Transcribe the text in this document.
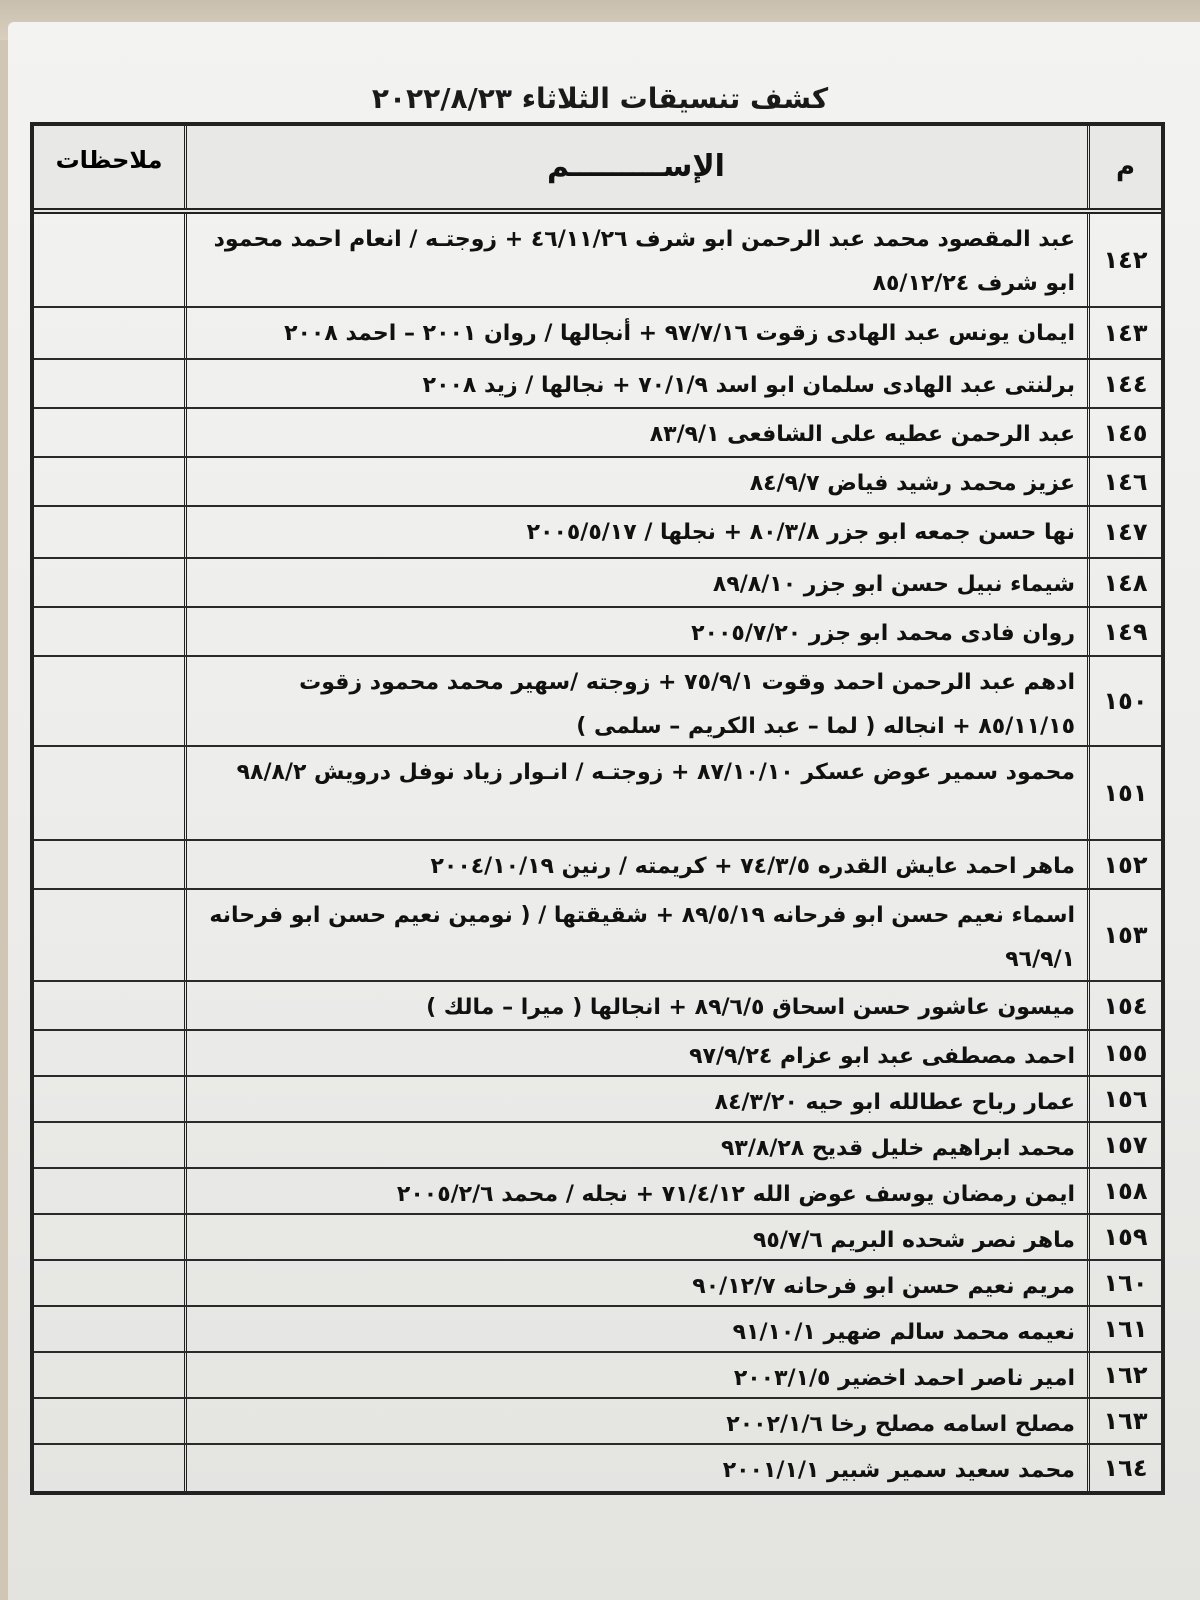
كشف تنسيقات الثلاثاء ٢٠٢٢/٨/٢٣
م
الإســـــــــم
ملاحظات
١٤٢
عبد المقصود محمد عبد الرحمن ابو شرف ٤٦/١١/٢٦ + زوجتـه / انعام احمد محمود ابو شرف ٨٥/١٢/٢٤
١٤٣
ايمان يونس عبد الهادى زقوت ٩٧/٧/١٦ + أنجالها / روان ٢٠٠١ – احمد ٢٠٠٨
١٤٤
برلنتى عبد الهادى سلمان ابو اسد ٧٠/١/٩ + نجالها / زيد ٢٠٠٨
١٤٥
عبد الرحمن عطيه على الشافعى ٨٣/٩/١
١٤٦
عزيز محمد رشيد فياض ٨٤/٩/٧
١٤٧
نها حسن جمعه ابو جزر ٨٠/٣/٨ + نجلها / ٢٠٠٥/٥/١٧
١٤٨
شيماء نبيل حسن ابو جزر ٨٩/٨/١٠
١٤٩
روان فادى محمد ابو جزر ٢٠٠٥/٧/٢٠
١٥٠
ادهم عبد الرحمن احمد وقوت ٧٥/٩/١ + زوجته /سهير محمد محمود زقوت ٨٥/١١/١٥ + انجاله ( لما – عبد الكريم – سلمى )
١٥١
محمود سمير عوض عسكر ٨٧/١٠/١٠ + زوجتـه / انـوار زياد نوفل درويش ٩٨/٨/٢
١٥٢
ماهر احمد عايش القدره ٧٤/٣/٥ + كريمته / رنين ٢٠٠٤/١٠/١٩
١٥٣
اسماء نعيم حسن ابو فرحانه ٨٩/٥/١٩ + شقيقتها / ( نومين نعيم حسن ابو فرحانه ٩٦/٩/١
١٥٤
ميسون عاشور حسن اسحاق ٨٩/٦/٥ + انجالها ( ميرا – مالك )
١٥٥
احمد مصطفى عبد ابو عزام ٩٧/٩/٢٤
١٥٦
عمار رباح عطالله ابو حيه ٨٤/٣/٢٠
١٥٧
محمد ابراهيم خليل قديح ٩٣/٨/٢٨
١٥٨
ايمن رمضان يوسف عوض الله ٧١/٤/١٢ + نجله / محمد ٢٠٠٥/٢/٦
١٥٩
ماهر نصر شحده البريم ٩٥/٧/٦
١٦٠
مريم نعيم حسن ابو فرحانه ٩٠/١٢/٧
١٦١
نعيمه محمد سالم ضهير ٩١/١٠/١
١٦٢
امير ناصر احمد اخضير ٢٠٠٣/١/٥
١٦٣
مصلح اسامه مصلح رخا ٢٠٠٢/١/٦
١٦٤
محمد سعيد سمير شبير ٢٠٠١/١/١
